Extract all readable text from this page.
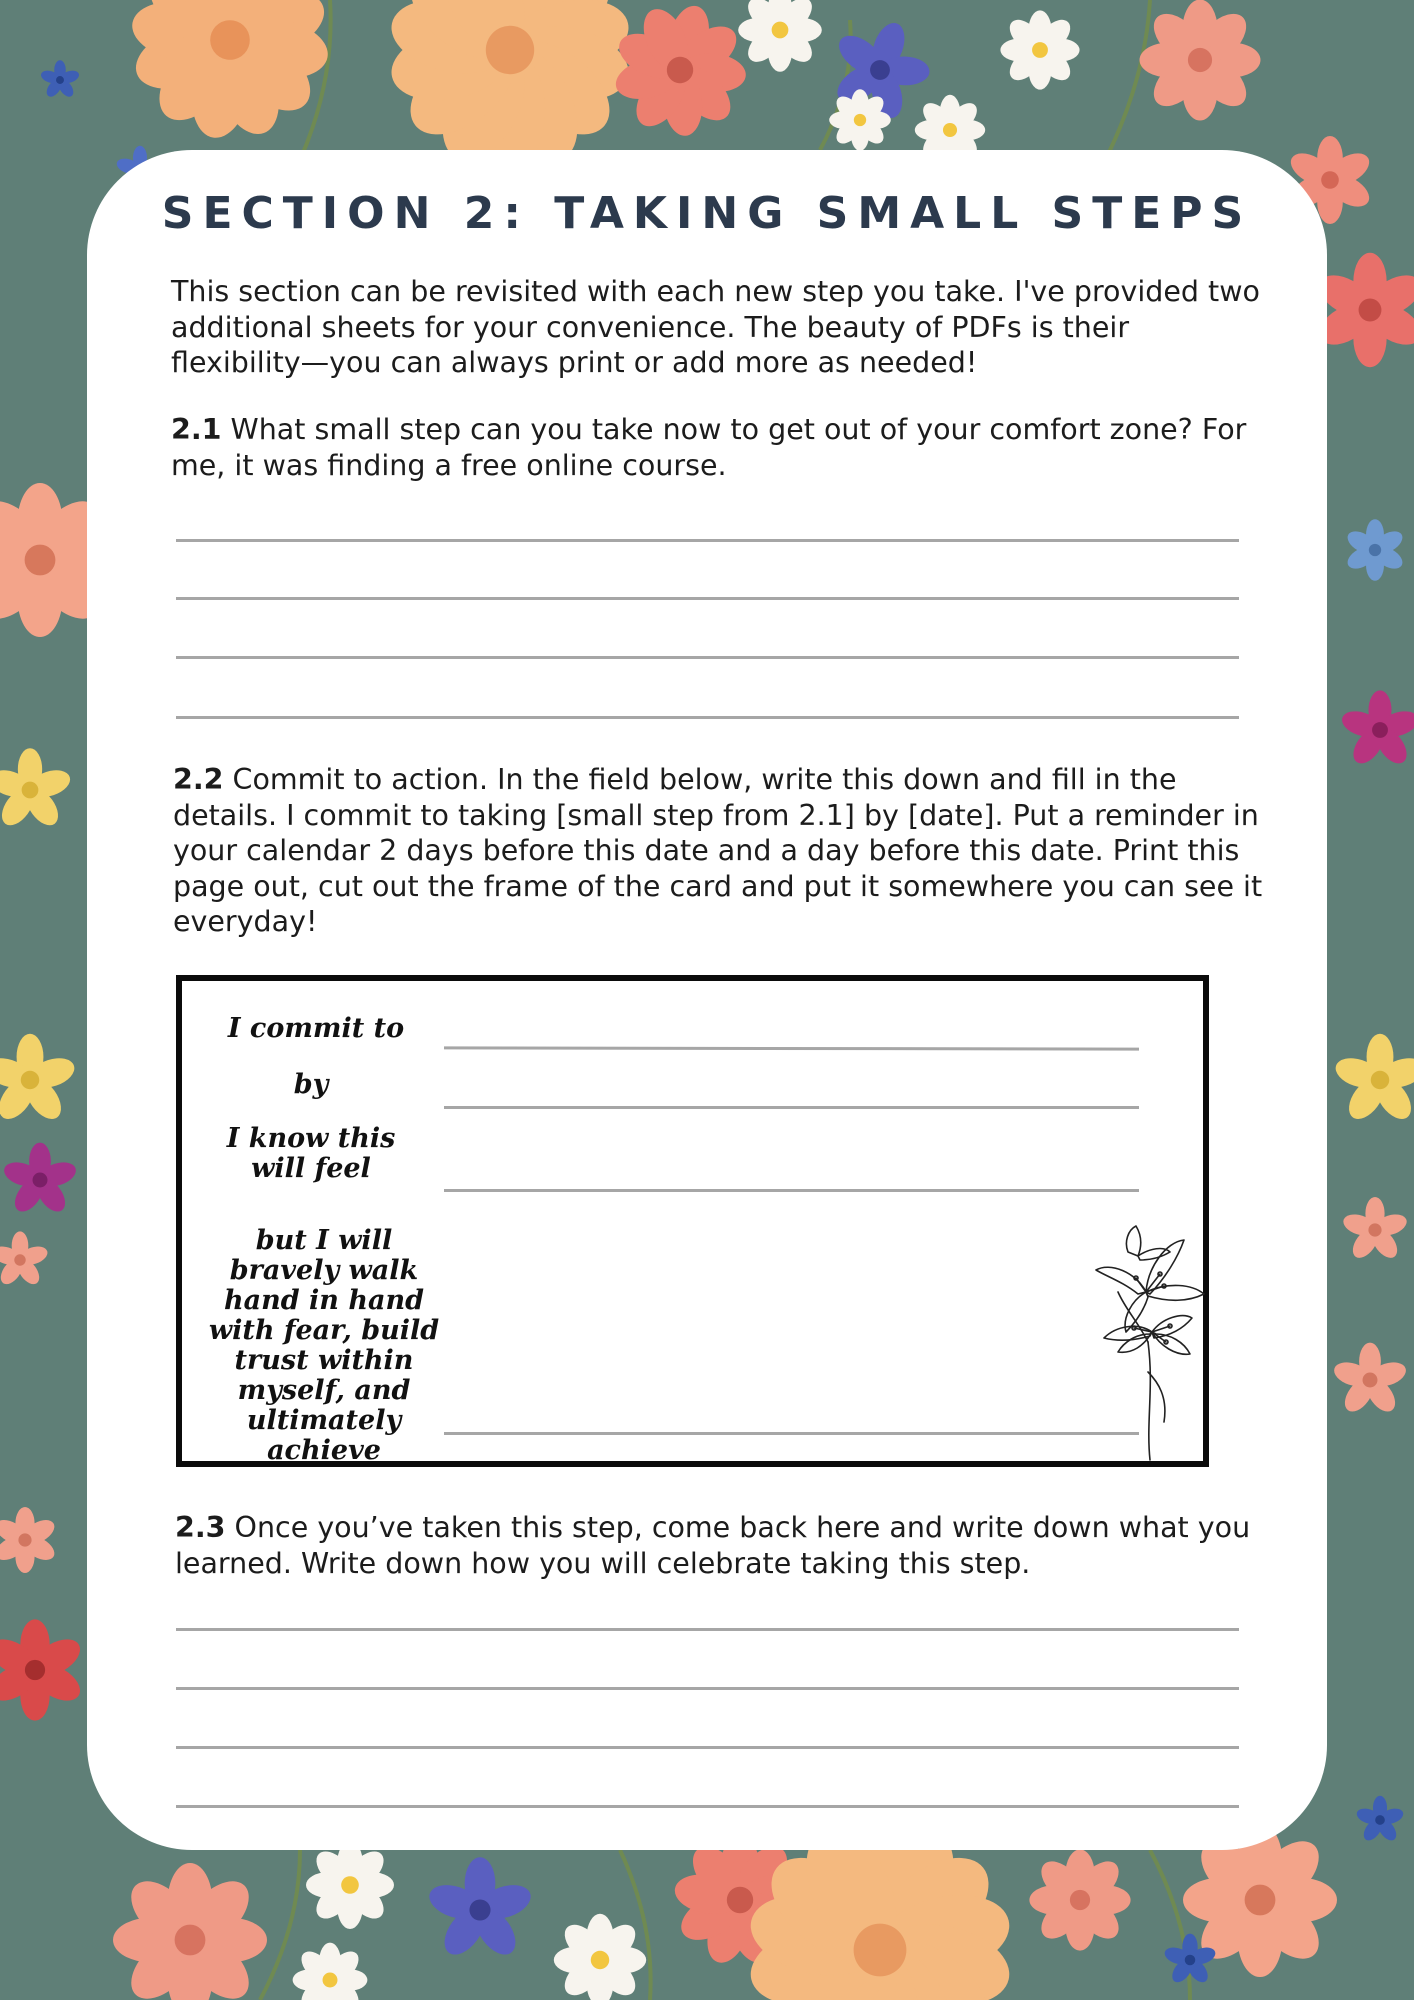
SECTION 2: TAKING SMALL STEPS

This section can be revisited with each new step you take. I've provided two additional sheets for your convenience. The beauty of PDFs is their flexibility—you can always print or add more as needed!

2.1 What small step can you take now to get out of your comfort zone? For me, it was finding a free online course.

2.2 Commit to action. In the field below, write this down and fill in the details. I commit to taking [small step from 2.1] by [date]. Put a reminder in your calendar 2 days before this date and a day before this date. Print this page out, cut out the frame of the card and put it somewhere you can see it everyday!

I commit to

by

I know this will feel

but I will bravely walk hand in hand with fear, build trust within myself, and ultimately achieve

2.3 Once you’ve taken this step, come back here and write down what you learned. Write down how you will celebrate taking this step.
